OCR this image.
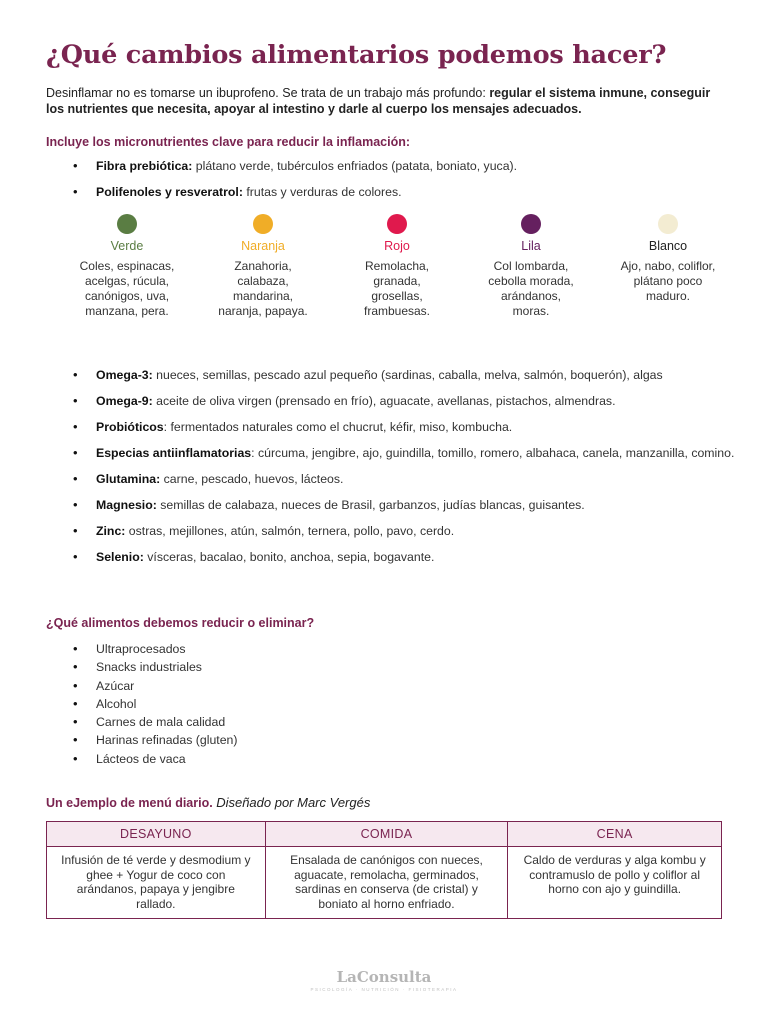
¿Qué cambios alimentarios podemos hacer?
Desinflamar no es tomarse un ibuprofeno. Se trata de un trabajo más profundo: regular el sistema inmune, conseguir los nutrientes que necesita, apoyar al intestino y darle al cuerpo los mensajes adecuados.
Incluye los micronutrientes clave para reducir la inflamación:
• Fibra prebiótica: plátano verde, tubérculos enfriados (patata, boniato, yuca).
• Polifenoles y resveratrol: frutas y verduras de colores.
Verde
Coles, espinacas, acelgas, rúcula, canónigos, uva, manzana, pera.
Naranja
Zanahoria, calabaza, mandarina, naranja, papaya.
Rojo
Remolacha, granada, grosellas, frambuesas.
Lila
Col lombarda, cebolla morada, arándanos, moras.
Blanco
Ajo, nabo, coliflor, plátano poco maduro.
• Omega-3: nueces, semillas, pescado azul pequeño (sardinas, caballa, melva, salmón, boquerón), algas
• Omega-9: aceite de oliva virgen (prensado en frío), aguacate, avellanas, pistachos, almendras.
• Probióticos: fermentados naturales como el chucrut, kéfir, miso, kombucha.
• Especias antiinflamatorias: cúrcuma, jengibre, ajo, guindilla, tomillo, romero, albahaca, canela, manzanilla, comino.
• Glutamina: carne, pescado, huevos, lácteos.
• Magnesio: semillas de calabaza, nueces de Brasil, garbanzos, judías blancas, guisantes.
• Zinc: ostras, mejillones, atún, salmón, ternera, pollo, pavo, cerdo.
• Selenio: vísceras, bacalao, bonito, anchoa, sepia, bogavante.
¿Qué alimentos debemos reducir o eliminar?
• Ultraprocesados
• Snacks industriales
• Azúcar
• Alcohol
• Carnes de mala calidad
• Harinas refinadas (gluten)
• Lácteos de vaca
Un eJemplo de menú diario. Diseñado por Marc Vergés
DESAYUNO	COMIDA	CENA
Infusión de té verde y desmodium y ghee + Yogur de coco con arándanos, papaya y jengibre rallado.	Ensalada de canónigos con nueces, aguacate, remolacha, germinados, sardinas en conserva (de cristal) y boniato al horno enfriado.	Caldo de verduras y alga kombu y contramuslo de pollo y coliflor al horno con ajo y guindilla.
LaConsulta
PSICOLOGÍA · NUTRICIÓN · FISIOTERAPIA
